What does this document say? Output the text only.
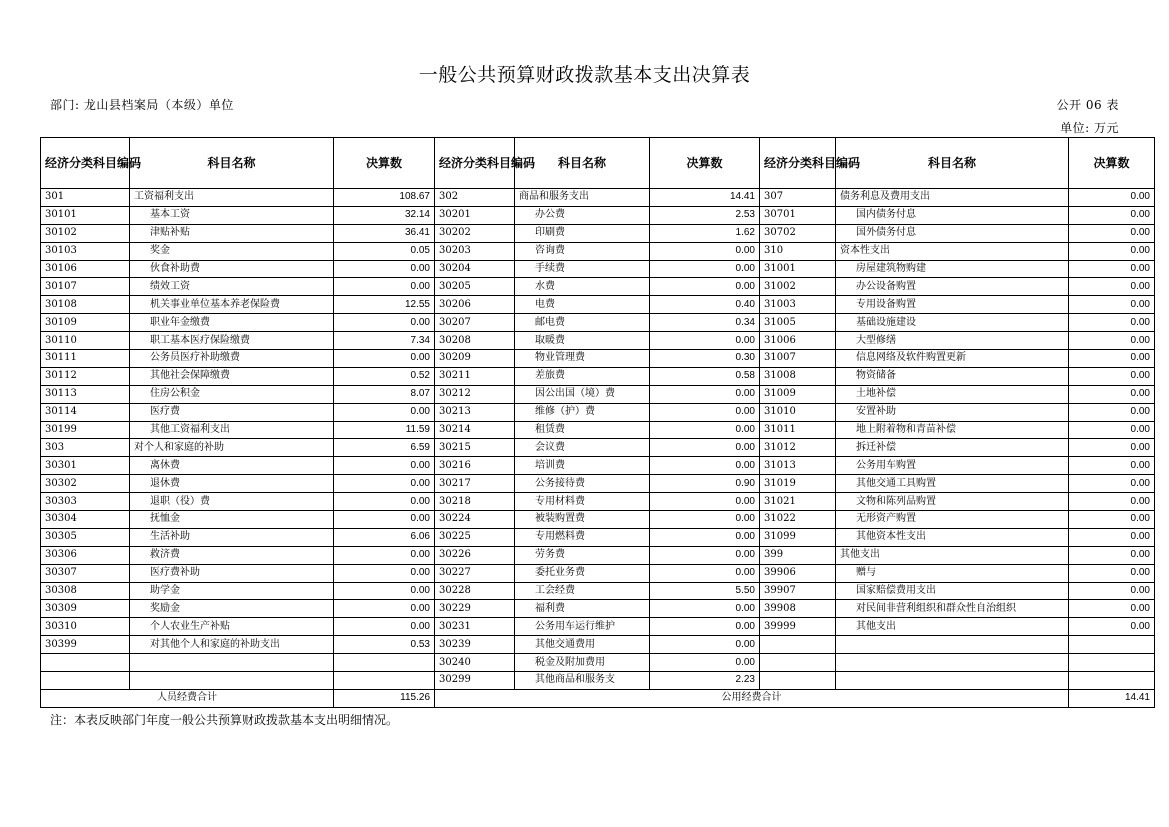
一般公共预算财政拨款基本支出决算表
部门: 龙山县档案局（本级）单位	公开 06 表
单位: 万元
经济分类科目编码	科目名称	决算数	经济分类科目编码	科目名称	决算数	经济分类科目编码	科目名称	决算数
301	工资福利支出	108.67	302	商品和服务支出	14.41	307	债务利息及费用支出	0.00
30101	基本工资	32.14	30201	办公费	2.53	30701	国内债务付息	0.00
30102	津贴补贴	36.41	30202	印刷费	1.62	30702	国外债务付息	0.00
30103	奖金	0.05	30203	咨询费	0.00	310	资本性支出	0.00
30106	伙食补助费	0.00	30204	手续费	0.00	31001	房屋建筑物购建	0.00
30107	绩效工资	0.00	30205	水费	0.00	31002	办公设备购置	0.00
30108	机关事业单位基本养老保险费	12.55	30206	电费	0.40	31003	专用设备购置	0.00
30109	职业年金缴费	0.00	30207	邮电费	0.34	31005	基础设施建设	0.00
30110	职工基本医疗保险缴费	7.34	30208	取暖费	0.00	31006	大型修缮	0.00
30111	公务员医疗补助缴费	0.00	30209	物业管理费	0.30	31007	信息网络及软件购置更新	0.00
30112	其他社会保障缴费	0.52	30211	差旅费	0.58	31008	物资储备	0.00
30113	住房公积金	8.07	30212	因公出国（境）费	0.00	31009	土地补偿	0.00
30114	医疗费	0.00	30213	维修（护）费	0.00	31010	安置补助	0.00
30199	其他工资福利支出	11.59	30214	租赁费	0.00	31011	地上附着物和青苗补偿	0.00
303	对个人和家庭的补助	6.59	30215	会议费	0.00	31012	拆迁补偿	0.00
30301	离休费	0.00	30216	培训费	0.00	31013	公务用车购置	0.00
30302	退休费	0.00	30217	公务接待费	0.90	31019	其他交通工具购置	0.00
30303	退职（役）费	0.00	30218	专用材料费	0.00	31021	文物和陈列品购置	0.00
30304	抚恤金	0.00	30224	被装购置费	0.00	31022	无形资产购置	0.00
30305	生活补助	6.06	30225	专用燃料费	0.00	31099	其他资本性支出	0.00
30306	救济费	0.00	30226	劳务费	0.00	399	其他支出	0.00
30307	医疗费补助	0.00	30227	委托业务费	0.00	39906	赠与	0.00
30308	助学金	0.00	30228	工会经费	5.50	39907	国家赔偿费用支出	0.00
30309	奖励金	0.00	30229	福利费	0.00	39908	对民间非营利组织和群众性自治组织	0.00
30310	个人农业生产补贴	0.00	30231	公务用车运行维护	0.00	39999	其他支出	0.00
30399	对其他个人和家庭的补助支出	0.53	30239	其他交通费用	0.00			
			30240	税金及附加费用	0.00			
			30299	其他商品和服务支	2.23			
人员经费合计		115.26	公用经费合计					14.41
注：本表反映部门年度一般公共预算财政拨款基本支出明细情况。
